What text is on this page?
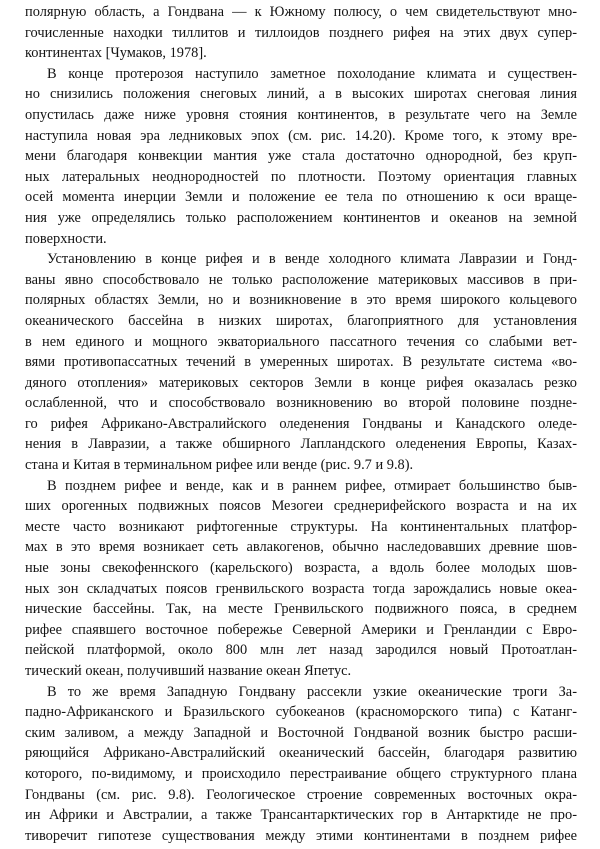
полярную область, а Гондвана — к Южному полюсу, о чем свидетельствуют мно-
гочисленные находки тиллитов и тиллоидов позднего рифея на этих двух супер-
континентах [Чумаков, 1978].
В конце протерозоя наступило заметное похолодание климата и существен-
но снизились положения снеговых линий, а в высоких широтах снеговая линия
опустилась даже ниже уровня стояния континентов, в результате чего на Земле
наступила новая эра ледниковых эпох (см. рис. 14.20). Кроме того, к этому вре-
мени благодаря конвекции мантия уже стала достаточно однородной, без круп-
ных латеральных неоднородностей по плотности. Поэтому ориентация главных
осей момента инерции Земли и положение ее тела по отношению к оси враще-
ния уже определялись только расположением континентов и океанов на земной
поверхности.
Установлению в конце рифея и в венде холодного климата Лавразии и Гонд-
ваны явно способствовало не только расположение материковых массивов в при-
полярных областях Земли, но и возникновение в это время широкого кольцевого
океанического бассейна в низких широтах, благоприятного для установления
в нем единого и мощного экваториального пассатного течения со слабыми вет-
вями противопассатных течений в умеренных широтах. В результате система «во-
дяного отопления» материковых секторов Земли в конце рифея оказалась резко
ослабленной, что и способствовало возникновению во второй половине поздне-
го рифея Африкано-Австралийского оледенения Гондваны и Канадского оледе-
нения в Лавразии, а также обширного Лапландского оледенения Европы, Казах-
стана и Китая в терминальном рифее или венде (рис. 9.7 и 9.8).
В позднем рифее и венде, как и в раннем рифее, отмирает большинство быв-
ших орогенных подвижных поясов Мезогеи среднерифейского возраста и на их
месте часто возникают рифтогенные структуры. На континентальных платфор-
мах в это время возникает сеть авлакогенов, обычно наследовавших древние шов-
ные зоны свекофеннского (карельского) возраста, а вдоль более молодых шов-
ных зон складчатых поясов гренвильского возраста тогда зарождались новые океа-
нические бассейны. Так, на месте Гренвильского подвижного пояса, в среднем
рифее спаявшего восточное побережье Северной Америки и Гренландии с Евро-
пейской платформой, около 800 млн лет назад зародился новый Протоатлан-
тический океан, получивший название океан Япетус.
В то же время Западную Гондвану рассекли узкие океанические троги За-
падно-Африканского и Бразильского субокеанов (красноморского типа) с Катанг-
ским заливом, а между Западной и Восточной Гондваной возник быстро расши-
ряющийся Африкано-Австралийский океанический бассейн, благодаря развитию
которого, по-видимому, и происходило перестраивание общего структурного плана
Гондваны (см. рис. 9.8). Геологическое строение современных восточных окра-
ин Африки и Австралии, а также Трансантарктических гор в Антарктиде не про-
тиворечит гипотезе существования между этими континентами в позднем рифее
